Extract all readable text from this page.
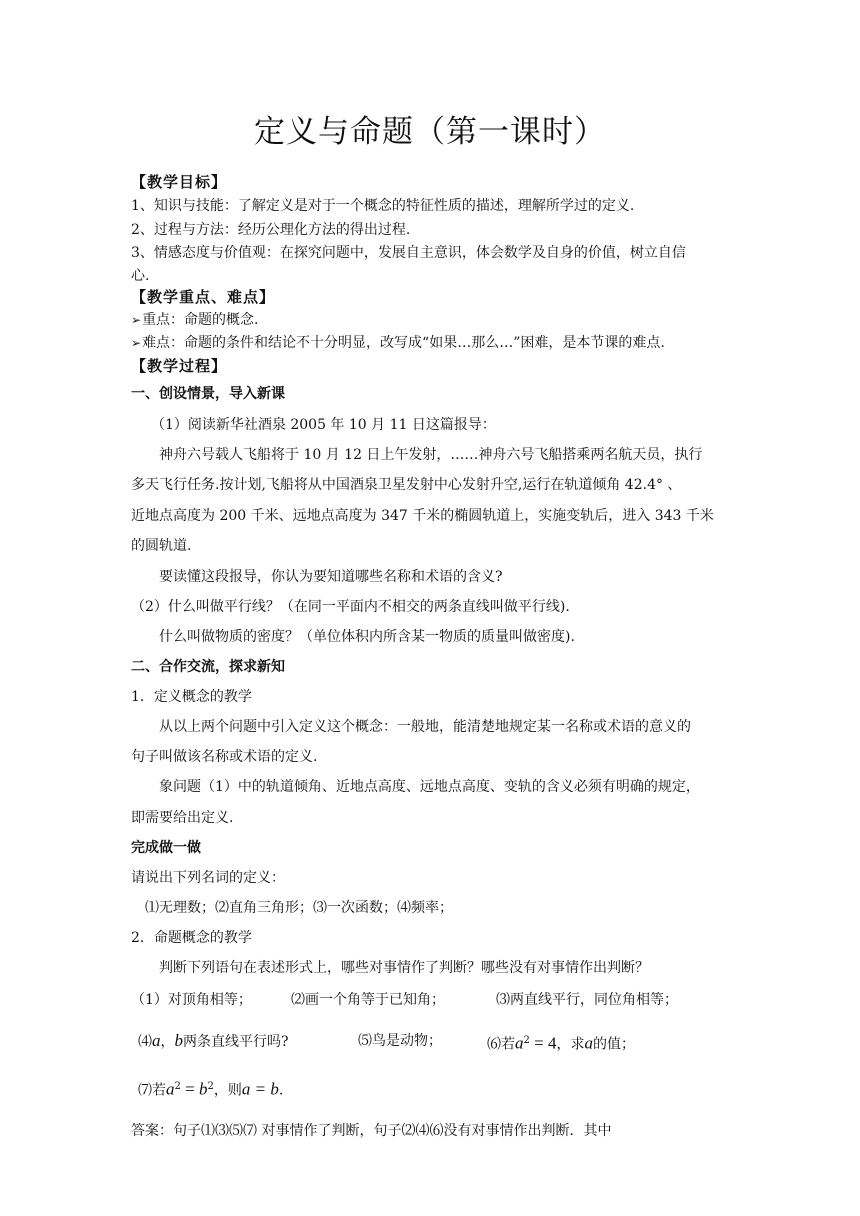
定义与命题（第一课时）
【教学目标】
1、知识与技能：了解定义是对于一个概念的特征性质的描述，理解所学过的定义.
2、过程与方法：经历公理化方法的得出过程.
3、情感态度与价值观：在探究问题中，发展自主意识，体会数学及自身的价值，树立自信
心.
【教学重点、难点】
➢重点：命题的概念.
➢难点：命题的条件和结论不十分明显，改写成“如果…那么…”困难，是本节课的难点.
【教学过程】
一、创设情景，导入新课
（1）阅读新华社酒泉 2005 年 10 月 11 日这篇报导：
神舟六号载人飞船将于 10 月 12 日上午发射，……神舟六号飞船搭乘两名航天员，执行
多天飞行任务.按计划,飞船将从中国酒泉卫星发射中心发射升空,运行在轨道倾角 42.4° 、
近地点高度为 200 千米、远地点高度为 347 千米的椭圆轨道上，实施变轨后，进入 343 千米
的圆轨道.
要读懂这段报导，你认为要知道哪些名称和术语的含义?
（2）什么叫做平行线？（在同一平面内不相交的两条直线叫做平行线).
什么叫做物质的密度？（单位体积内所含某一物质的质量叫做密度).
二、合作交流，探求新知
1．定义概念的教学
从以上两个问题中引入定义这个概念：一般地，能清楚地规定某一名称或术语的意义的
句子叫做该名称或术语的定义.
象问题（1）中的轨道倾角、近地点高度、远地点高度、变轨的含义必须有明确的规定，
即需要给出定义.
完成做一做
请说出下列名词的定义：
⑴无理数；⑵直角三角形；⑶一次函数；⑷频率；
2．命题概念的教学
判断下列语句在表述形式上，哪些对事情作了判断？哪些没有对事情作出判断？
（1）对顶角相等；	⑵画一个角等于已知角；	⑶两直线平行，同位角相等；
⑷a，b两条直线平行吗?	⑸鸟是动物；	⑹若$a^2 = 4$，求a的值；
⑺若$a^2 = b^2$，则a = b.
答案：句子⑴⑶⑸⑺ 对事情作了判断，句子⑵⑷⑹没有对事情作出判断．其中
